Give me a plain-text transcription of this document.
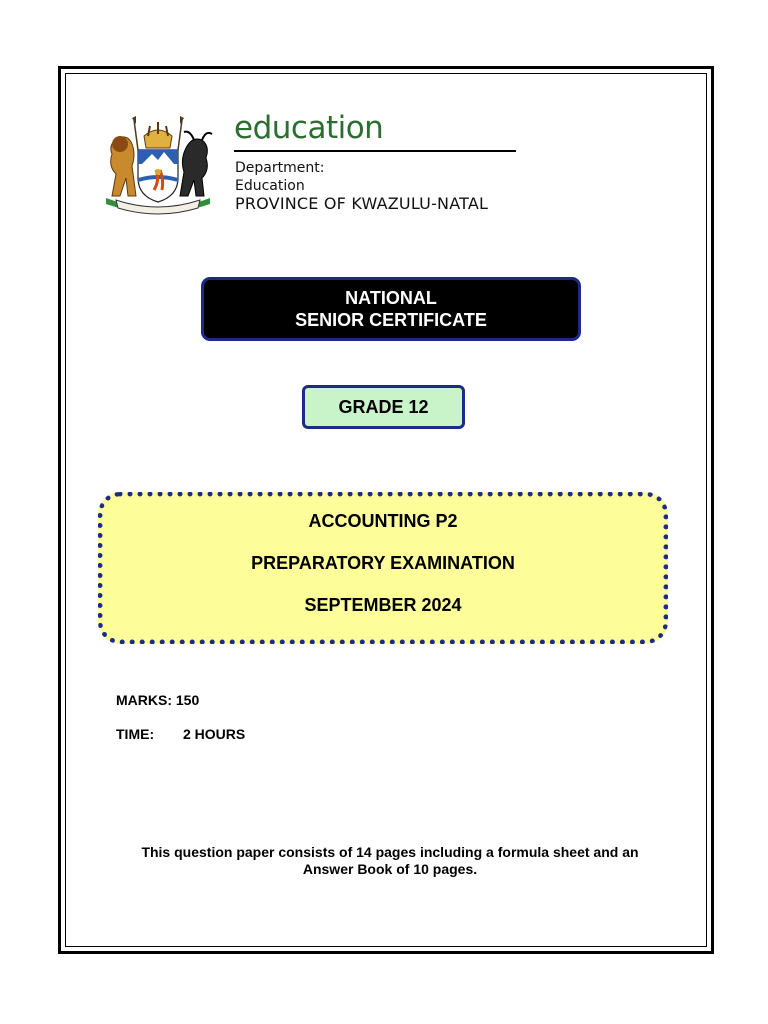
education
Department:
Education
PROVINCE OF KWAZULU-NATAL
NATIONAL
SENIOR CERTIFICATE
GRADE 12
ACCOUNTING P2
PREPARATORY EXAMINATION
SEPTEMBER 2024
MARKS: 150
TIME: 2 HOURS
This question paper consists of 14 pages including a formula sheet and an
Answer Book of 10 pages.
